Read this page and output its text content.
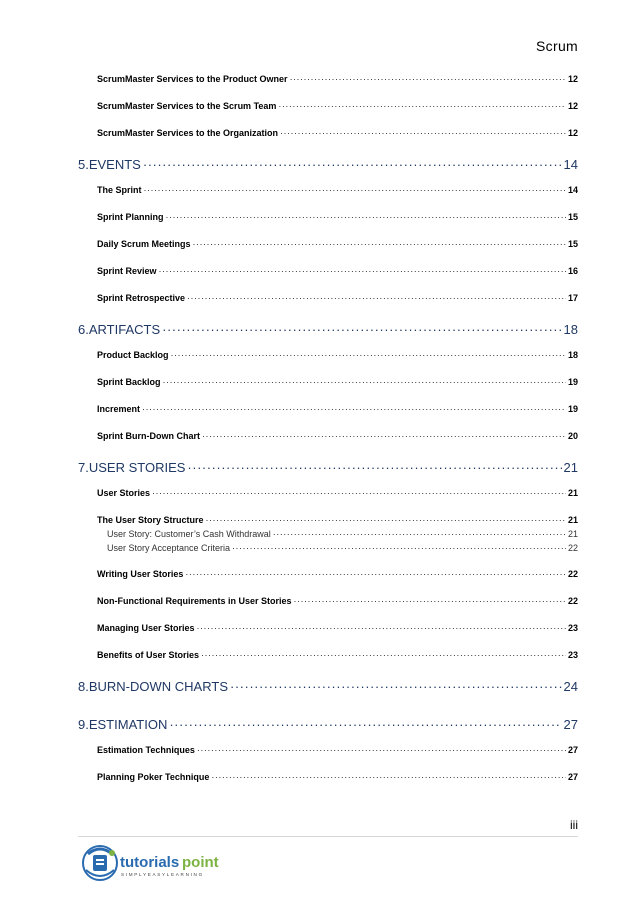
Scrum
ScrumMaster Services to the Product Owner ·····	12
ScrumMaster Services to the Scrum Team ·····	12
ScrumMaster Services to the Organization ·····	12
5. EVENTS ·····	14
The Sprint ·····	14
Sprint Planning ·····	15
Daily Scrum Meetings ·····	15
Sprint Review ·····	16
Sprint Retrospective ·····	17
6. ARTIFACTS ·····	18
Product Backlog ·····	18
Sprint Backlog ·····	19
Increment ·····	19
Sprint Burn-Down Chart ·····	20
7. USER STORIES ·····	21
User Stories ·····	21
The User Story Structure ·····	21
User Story: Customer’s Cash Withdrawal ·····	21
User Story Acceptance Criteria ·····	22
Writing User Stories ·····	22
Non-Functional Requirements in User Stories ·····	22
Managing User Stories ·····	23
Benefits of User Stories ·····	23
8. BURN-DOWN CHARTS ·····	24
9. ESTIMATION ·····	27
Estimation Techniques ·····	27
Planning Poker Technique ·····	27
iii
tutorials point
SIMPLYEASYLEARNING
